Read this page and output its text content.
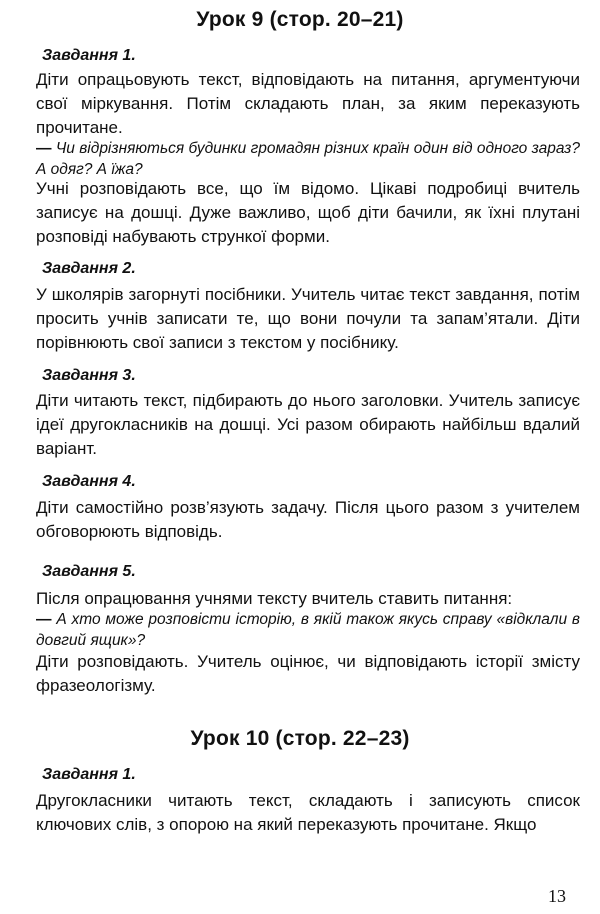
Урок 9 (стор. 20–21)
Завдання 1.

Діти опрацьовують текст, відповідають на питання, аргументуючи свої міркування. Потім складають план, за яким переказують прочитане.

— Чи відрізняються будинки громадян різних країн один від одного зараз? А одяг? А їжа?

Учні розповідають все, що їм відомо. Цікаві подробиці вчитель записує на дошці. Дуже важливо, щоб діти бачили, як їхні плутані розповіді набувають стрункої форми.

Завдання 2.

У школярів загорнуті посібники. Учитель читає текст завдання, потім просить учнів записати те, що вони почули та запам’ятали. Діти порівнюють свої записи з текстом у посібнику.

Завдання 3.

Діти читають текст, підбирають до нього заголовки. Учитель записує ідеї другокласників на дошці. Усі разом обирають найбільш вдалий варіант.

Завдання 4.

Діти самостійно розв’язують задачу. Після цього разом з учителем обговорюють відповідь.

Завдання 5.

Після опрацювання учнями тексту вчитель ставить питання:

— А хто може розповісти історію, в якій також якусь справу «відклали в довгий ящик»?

Діти розповідають. Учитель оцінює, чи відповідають історії змісту фразеологізму.

Урок 10 (стор. 22–23)
Завдання 1.

Другокласники читають текст, складають і записують список ключових слів, з опорою на який переказують прочитане. Якщо

13
